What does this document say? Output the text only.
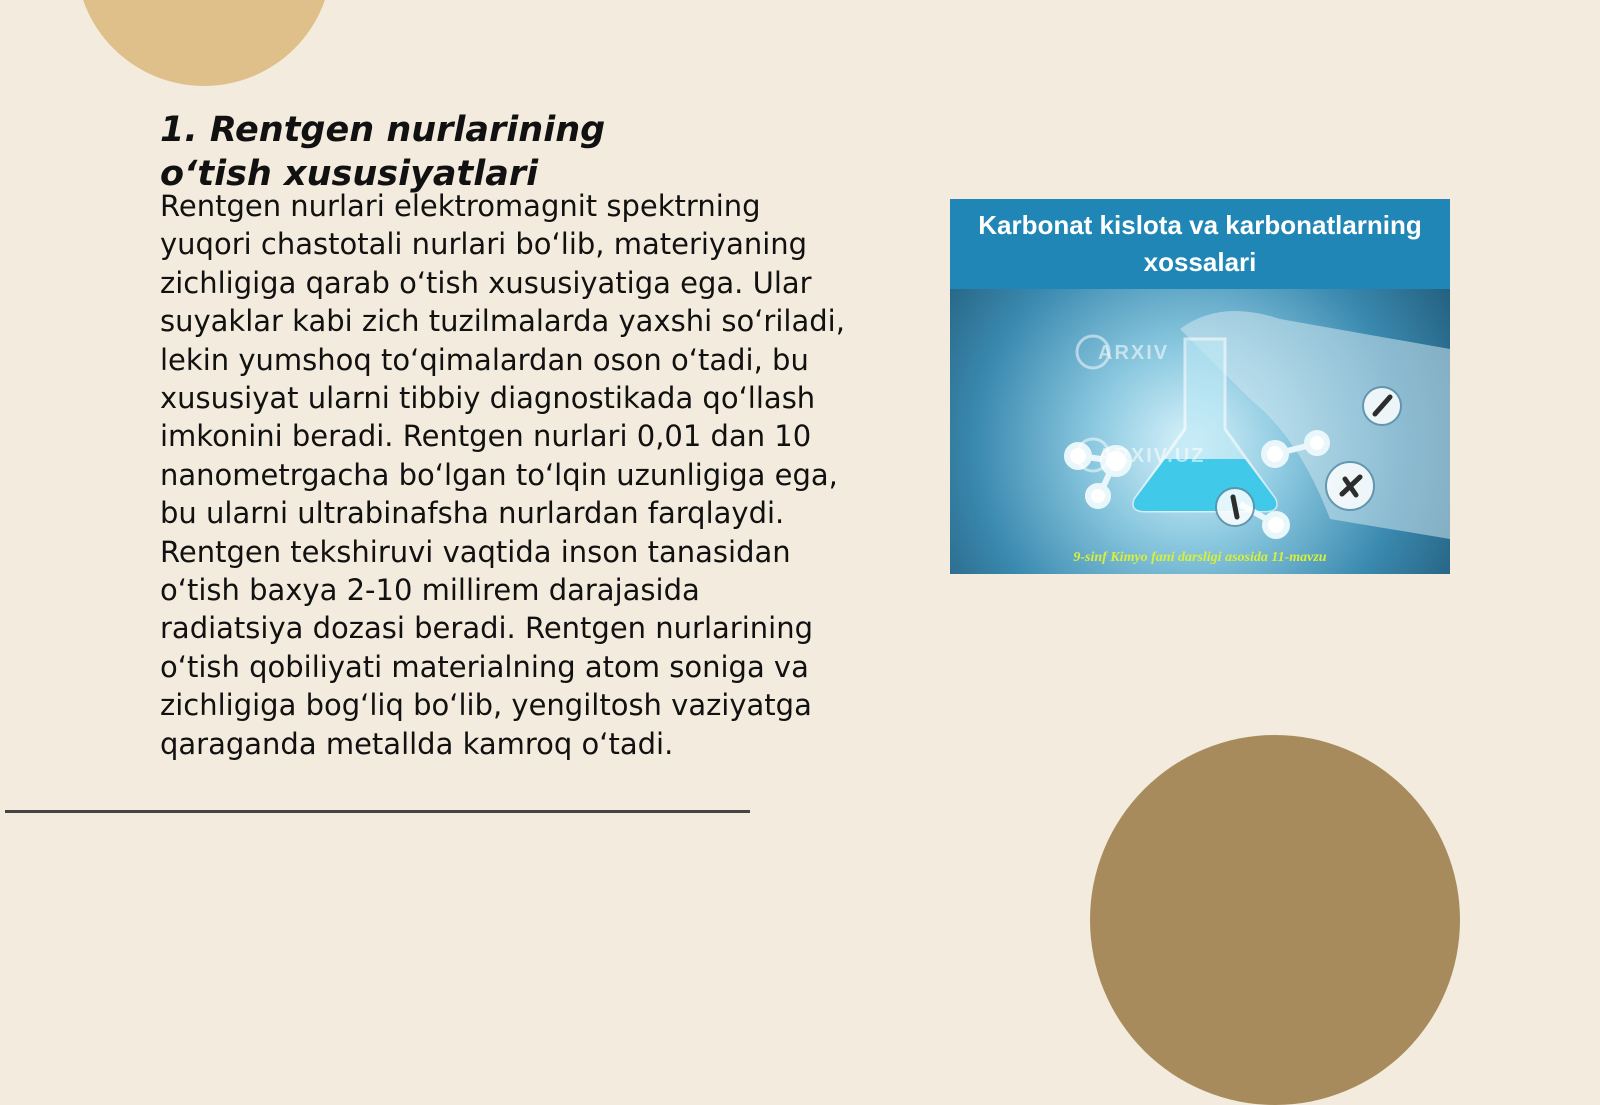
1. Rentgen nurlarining o‘tish xususiyatlari

Rentgen nurlari elektromagnit spektrning yuqori chastotali nurlari bo‘lib, materiyaning zichligiga qarab o‘tish xususiyatiga ega. Ular suyaklar kabi zich tuzilmalarda yaxshi so‘riladi, lekin yumshoq to‘qimalardan oson o‘tadi, bu xususiyat ularni tibbiy diagnostikada qo‘llash imkonini beradi. Rentgen nurlari 0,01 dan 10 nanometrgacha bo‘lgan to‘lqin uzunligiga ega, bu ularni ultrabinafsha nurlardan farqlaydi. Rentgen tekshiruvi vaqtida inson tanasidan o‘tish baxya 2-10 millirem darajasida radiatsiya dozasi beradi. Rentgen nurlarining o‘tish qobiliyati materialning atom soniga va zichligiga bog‘liq bo‘lib, yengiltosh vaziyatga qaraganda metallda kamroq o‘tadi.

Karbonat kislota va karbonatlarning xossalari
ARXIV
ARXIV.UZ
9-sinf Kimyo fani darsligi asosida 11-mavzu
